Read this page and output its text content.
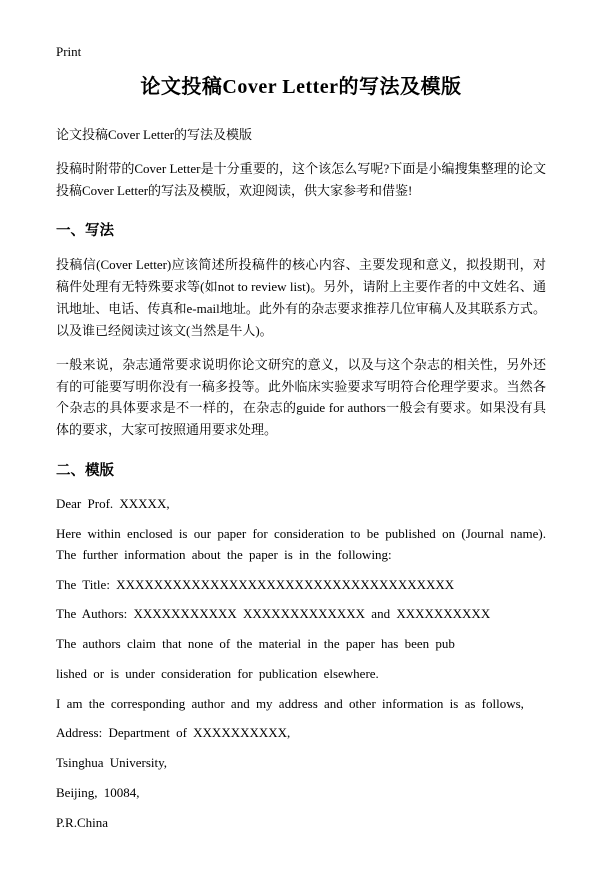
Print
论文投稿Cover Letter的写法及模版

论文投稿Cover Letter的写法及模版

投稿时附带的Cover Letter是十分重要的，这个该怎么写呢?下面是小编搜集整理的论文投稿Cover Letter的写法及模版，欢迎阅读，供大家参考和借鉴!

一、写法

投稿信(Cover Letter)应该简述所投稿件的核心内容、主要发现和意义，拟投期刊，对稿件处理有无特殊要求等(如not to review list)。另外，请附上主要作者的中文姓名、通讯地址、电话、传真和e-mail地址。此外有的杂志要求推荐几位审稿人及其联系方式。以及谁已经阅读过该文(当然是牛人)。

一般来说，杂志通常要求说明你论文研究的意义，以及与这个杂志的相关性，另外还有的可能要写明你没有一稿多投等。此外临床实验要求写明符合伦理学要求。当然各个杂志的具体要求是不一样的，在杂志的guide for authors一般会有要求。如果没有具体的要求，大家可按照通用要求处理。

二、模版

Dear Prof. XXXXX,

Here within enclosed is our paper for consideration to be published on (Journal name). The further information about the paper is in the following:

The Title: XXXXXXXXXXXXXXXXXXXXXXXXXXXXXXXXXXXX

The Authors: XXXXXXXXXXX XXXXXXXXXXXXX and XXXXXXXXXX

The authors claim that none of the material in the paper has been pub

lished or is under consideration for publication elsewhere.

I am the corresponding author and my address and other information is as follows,

Address: Department of XXXXXXXXXX,

Tsinghua University,

Beijing, 10084,

P.R.China
